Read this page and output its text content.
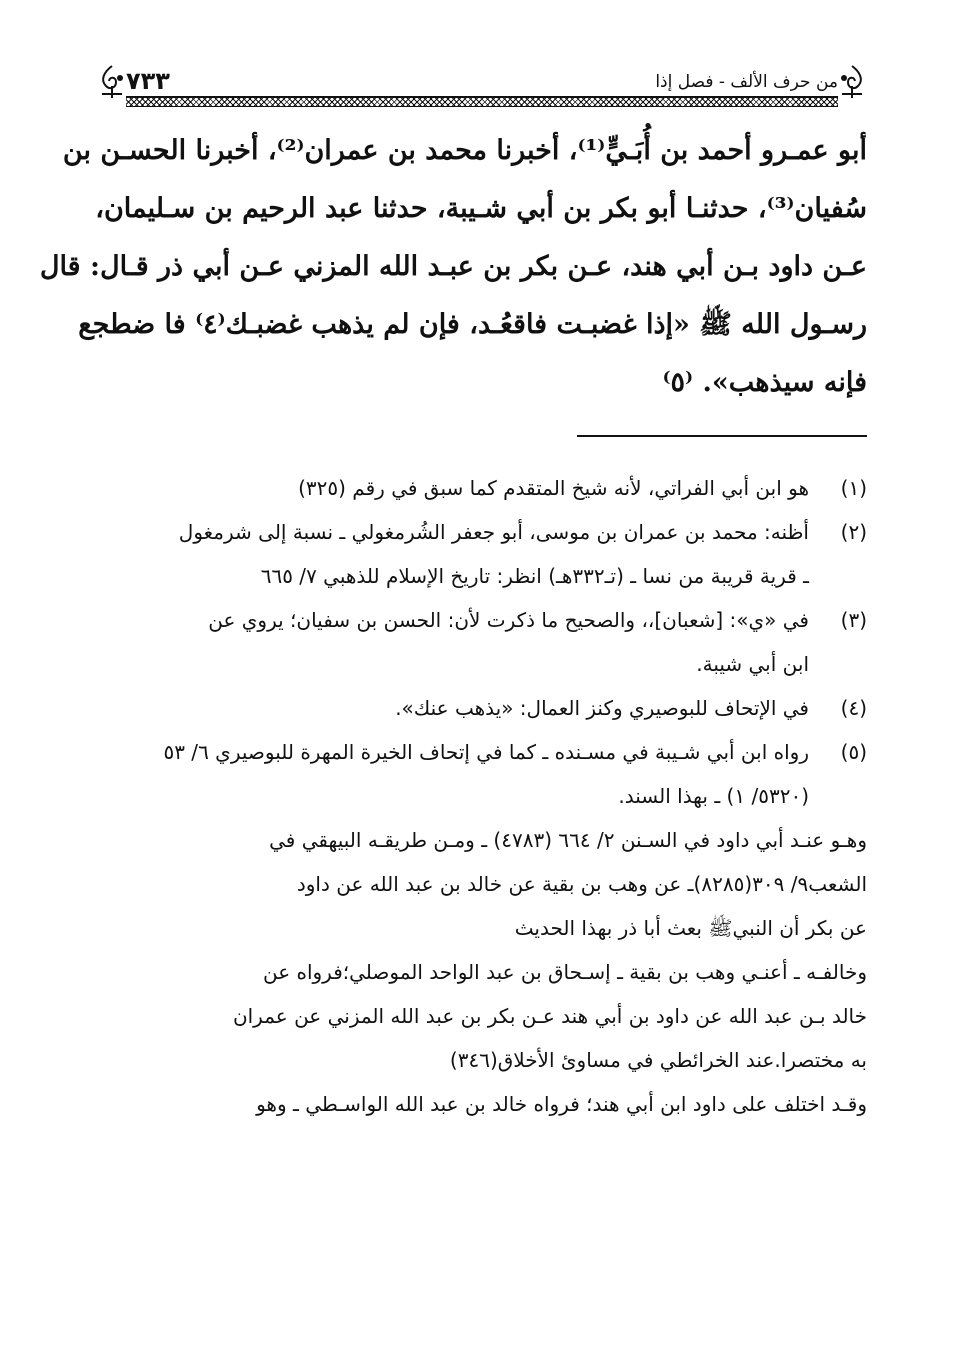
من حرف الألف - فصل إذا
٧٣٣
أبو عمـرو أحمد بن أُبَـيٍّ⁽¹⁾، أخبرنا محمد بن عمران⁽²⁾، أخبرنا الحسـن بن
سُفيان⁽³⁾، حدثنـا أبو بكر بن أبي شـيبة، حدثنا عبد الرحيم بن سـليمان،
عـن داود بـن أبي هند، عـن بكر بن عبـد الله المزني عـن أبي ذر قـال: قال
رسـول الله ﷺ «إذا غضبـت فاقعُـد، فإن لم يذهب غضبـك⁽٤⁾ فا ضطجع
فإنه سيذهب». ⁽٥⁾
(١)هو ابن أبي الفراتي، لأنه شيخ المتقدم كما سبق في رقم (٣٢٥)
(٢)أظنه: محمد بن عمران بن موسى، أبو جعفر الشُرمغولي ـ نسبة إلى شرمغول
ـ قرية قريبة من نسا ـ (تـ٣٣٢هـ) انظر: تاريخ الإسلام للذهبي ٧/ ٦٦٥
(٣)في «ي»: [شعبان]،، والصحيح ما ذكرت لأن: الحسن بن سفيان؛ يروي عن
ابن أبي شيبة.
(٤)في الإتحاف للبوصيري وكنز العمال: «يذهب عنك».
(٥)رواه ابن أبي شـيبة في مسـنده ـ كما في إتحاف الخيرة المهرة للبوصيري ٦/ ٥٣
(٥٣٢٠/ ١) ـ بهذا السند.
وهـو عنـد أبي داود في السـنن ٢/ ٦٦٤ (٤٧٨٣) ـ ومـن طريقـه البيهقي في
الشعب٩/ ٣٠٩(٨٢٨٥)ـ عن وهب بن بقية عن خالد بن عبد الله عن داود
عن بكر أن النبيﷺ بعث أبا ذر بهذا الحديث
وخالفـه ـ أعنـي وهب بن بقية ـ إسـحاق بن عبد الواحد الموصلي؛فرواه عن
خالد بـن عبد الله عن داود بن أبي هند عـن بكر بن عبد الله المزني عن عمران
به مختصرا.عند الخرائطي في مساوئ الأخلاق(٣٤٦)
وقـد اختلف على داود ابن أبي هند؛ فرواه خالد بن عبد الله الواسـطي ـ وهو
